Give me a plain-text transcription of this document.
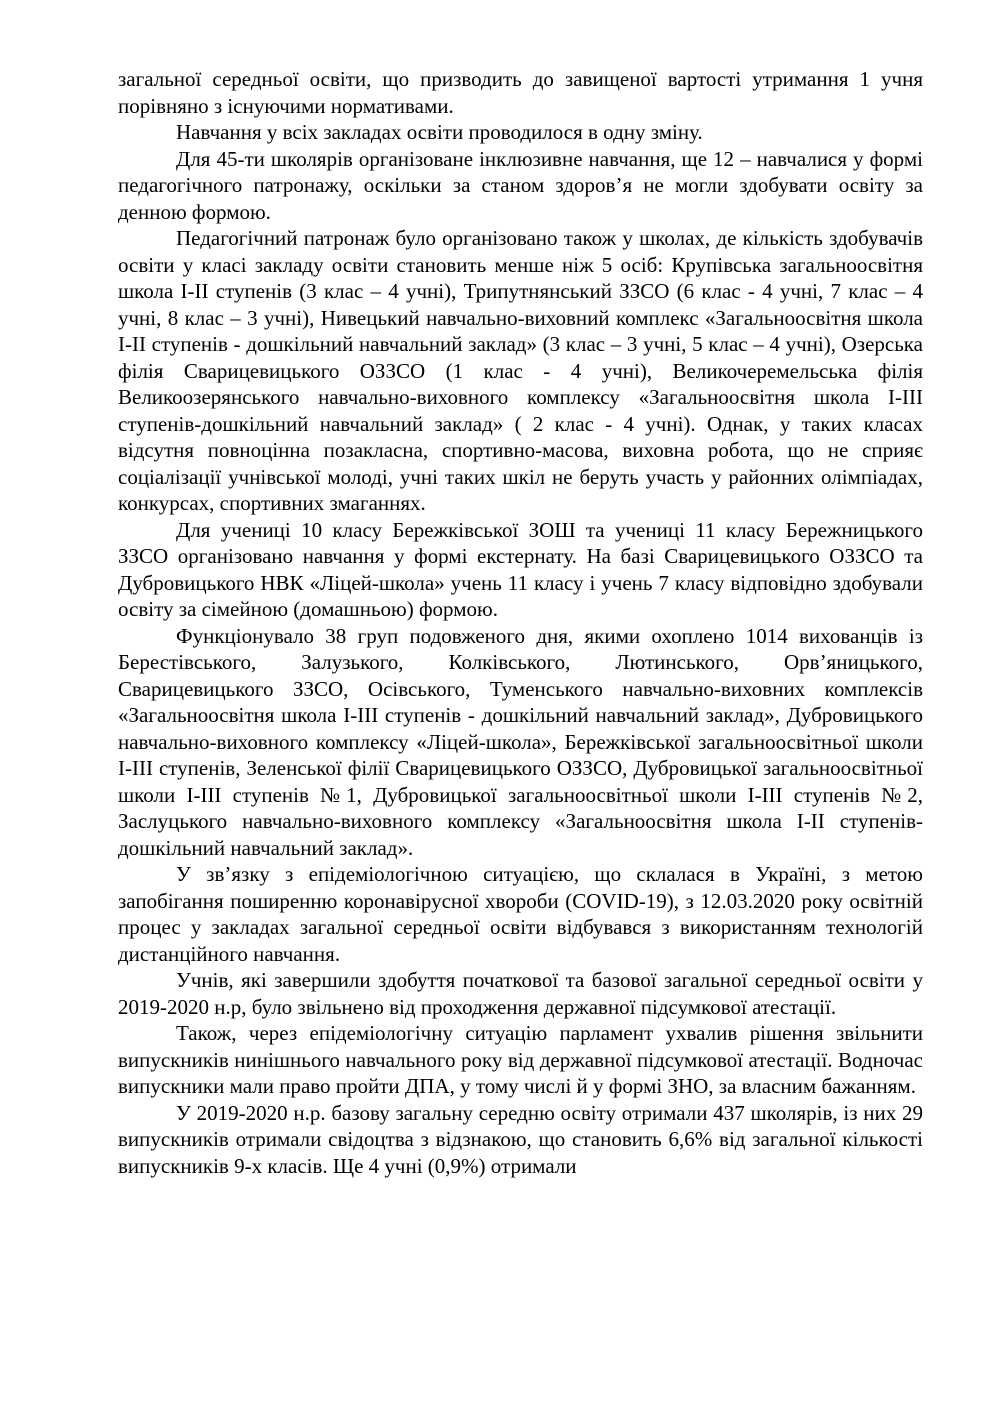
загальної середньої освіти, що призводить до завищеної вартості утримання 1 учня порівняно з існуючими нормативами.

Навчання у всіх закладах освіти проводилося в одну зміну.

Для 45-ти школярів організоване інклюзивне навчання, ще 12 – навчалися у формі педагогічного патронажу, оскільки за станом здоров’я не могли здобувати освіту за денною формою.

Педагогічний патронаж було організовано також у школах, де кількість здобувачів освіти у класі закладу освіти становить менше ніж 5 осіб: Крупівська загальноосвітня школа І-ІІ ступенів (3 клас – 4 учні), Трипутнянський ЗЗСО (6 клас - 4 учні, 7 клас – 4 учні, 8 клас – 3 учні), Нивецький навчально-виховний комплекс «Загальноосвітня школа І-ІІ ступенів - дошкільний навчальний заклад» (3 клас – 3 учні, 5 клас – 4 учні), Озерська філія Сварицевицького ОЗЗСО (1 клас - 4 учні), Великочеремельська філія Великоозерянського навчально-виховного комплексу «Загальноосвітня школа І-ІІІ ступенів-дошкільний навчальний заклад» ( 2 клас - 4 учні). Однак, у таких класах відсутня повноцінна позакласна, спортивно-масова, виховна робота, що не сприяє соціалізації учнівської молоді, учні таких шкіл не беруть участь у районних олімпіадах, конкурсах, спортивних змаганнях.

Для учениці 10 класу Бережківської ЗОШ та учениці 11 класу Бережницького ЗЗСО організовано навчання у формі екстернату. На базі Сварицевицького ОЗЗСО та Дубровицького НВК «Ліцей-школа» учень 11 класу і учень 7 класу відповідно здобували освіту за сімейною (домашньою) формою.

Функціонувало 38 груп подовженого дня, якими охоплено 1014 вихованців із Берестівського, Залузького, Колківського, Лютинського, Орв’яницького, Сварицевицького ЗЗСО, Осівського, Туменського навчально-виховних комплексів «Загальноосвітня школа І-ІІІ ступенів - дошкільний навчальний заклад», Дубровицького навчально-виховного комплексу «Ліцей-школа», Бережківської загальноосвітньої школи І-ІІІ ступенів, Зеленської філії Сварицевицького ОЗЗСО, Дубровицької загальноосвітньої школи І-ІІІ ступенів №1, Дубровицької загальноосвітньої школи І-ІІІ ступенів №2, Заслуцького навчально-виховного комплексу «Загальноосвітня школа І-ІІ ступенів-дошкільний навчальний заклад».

У зв’язку з епідеміологічною ситуацією, що склалася в Україні, з метою запобігання поширенню коронавірусної хвороби (COVID-19), з 12.03.2020 року освітній процес у закладах загальної середньої освіти відбувався з використанням технологій дистанційного навчання.

Учнів, які завершили здобуття початкової та базової загальної середньої освіти у 2019-2020 н.р, було звільнено від проходження державної підсумкової атестації.

Також, через епідеміологічну ситуацію парламент ухвалив рішення звільнити випускників нинішнього навчального року від державної підсумкової атестації. Водночас випускники мали право пройти ДПА, у тому числі й у формі ЗНО, за власним бажанням.

У 2019-2020 н.р. базову загальну середню освіту отримали 437 школярів, із них 29 випускників отримали свідоцтва з відзнакою, що становить 6,6% від загальної кількості випускників 9-х класів. Ще 4 учні (0,9%) отримали
